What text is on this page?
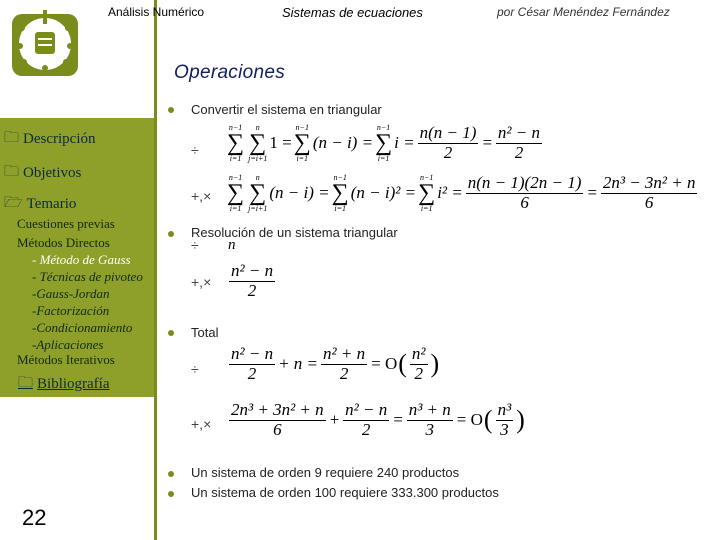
Análisis Numérico	Sistemas de ecuaciones	por César Menéndez Fernández
Operaciones
🗀 Descripción
🗀 Objetivos
🗁 Temario
Cuestiones previas
Métodos Directos
- Método de Gauss
- Técnicas de pivoteo
-Gauss-Jordan
-Factorización
-Condicionamiento
-Aplicaciones
Métodos Iterativos
🗀 Bibliografía
22
Convertir el sistema en triangular
Resolución de un sistema triangular
Total
Un sistema de orden 9 requiere 240 productos
Un sistema de orden 100 requiere 333.300 productos
÷
n−1
∑
i=1
n
∑
j=i+1
1 =
n−1
∑
i=1
(n − i) =
n−1
∑
i=1
$i = \frac{n(n - 1)}{2} = \frac{\text{n² − n}}{2}$
+,×
n−1
∑
i=1
n
∑
j=i+1
(n − i) =
n−1
∑
i=1
(n − i)² =
n−1
∑
i=1
$i^2 = \frac{n(n - 1)(2n - 1)}{6} = \frac{\text{2n³ − 3n² + n}}{6}$
÷ n
+,× $\frac{\text{n² − n}}{2}$
÷ $\frac{\text{n² − n}}{2} + n = \frac{\text{n² + n}}{2} = O$ ( $\frac{\text{n²}}{2}$ )
+,× $\frac{\text{2n³ + 3n² + n}}{6} + \frac{\text{n² − n}}{2} = \frac{\text{n³ + n}}{3} = O$ ( $\frac{\text{n³}}{3}$ )
